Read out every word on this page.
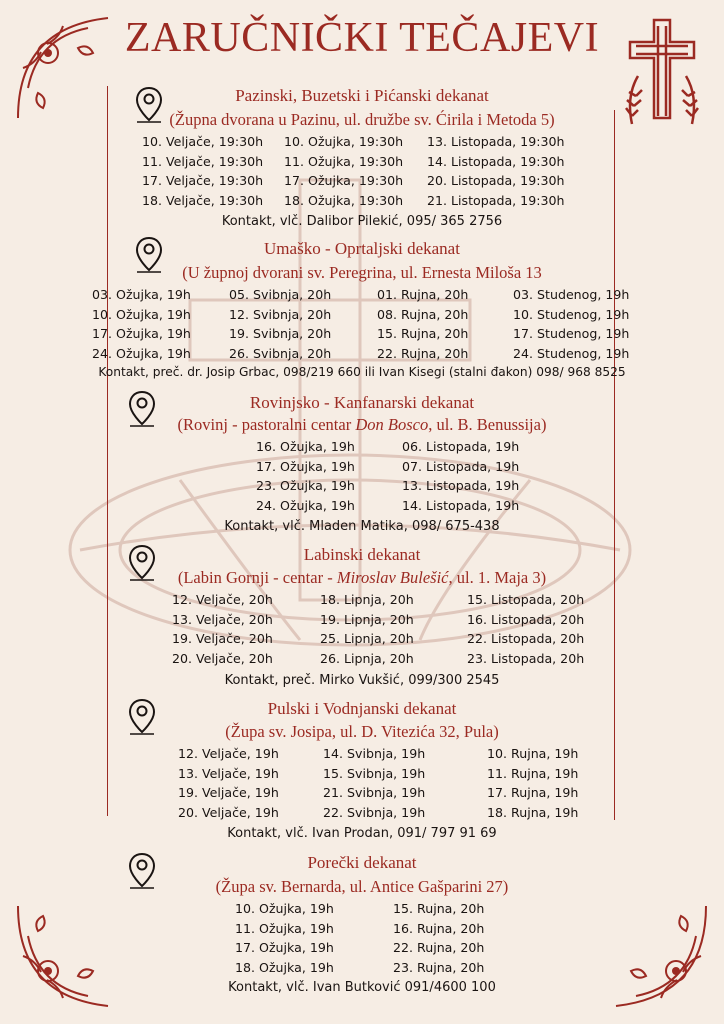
ZARUČNIČKI TEČAJEVI
Pazinski, Buzetski i Pićanski dekanat
(Župna dvorana u Pazinu, ul. družbe sv. Ćirila i Metoda 5)
10. Veljače, 19:30h
11. Veljače, 19:30h
17. Veljače, 19:30h
18. Veljače, 19:30h
10. Ožujka, 19:30h
11. Ožujka, 19:30h
17. Ožujka, 19:30h
18. Ožujka, 19:30h
13. Listopada, 19:30h
14. Listopada, 19:30h
20. Listopada, 19:30h
21. Listopada, 19:30h
Kontakt, vlč. Dalibor Pilekić, 095/ 365 2756
Umaško - Oprtaljski dekanat
(U župnoj dvorani sv. Peregrina, ul. Ernesta Miloša 13
03. Ožujka, 19h
10. Ožujka, 19h
17. Ožujka, 19h
24. Ožujka, 19h
05. Svibnja, 20h
12. Svibnja, 20h
19. Svibnja, 20h
26. Svibnja, 20h
01. Rujna, 20h
08. Rujna, 20h
15. Rujna, 20h
22. Rujna, 20h
03. Studenog, 19h
10. Studenog, 19h
17. Studenog, 19h
24. Studenog, 19h
Kontakt, preč. dr. Josip Grbac, 098/219 660 ili Ivan Kisegi (stalni đakon) 098/ 968 8525
Rovinjsko - Kanfanarski dekanat
(Rovinj - pastoralni centar Don Bosco, ul. B. Benussija)
16. Ožujka, 19h
17. Ožujka, 19h
23. Ožujka, 19h
24. Ožujka, 19h
06. Listopada, 19h
07. Listopada, 19h
13. Listopada, 19h
14. Listopada, 19h
Kontakt, vlč. Mladen Matika, 098/ 675-438
Labinski dekanat
(Labin Gornji - centar - Miroslav Bulešić, ul. 1. Maja 3)
12. Veljače, 20h
13. Veljače, 20h
19. Veljače, 20h
20. Veljače, 20h
18. Lipnja, 20h
19. Lipnja, 20h
25. Lipnja, 20h
26. Lipnja, 20h
15. Listopada, 20h
16. Listopada, 20h
22. Listopada, 20h
23. Listopada, 20h
Kontakt, preč. Mirko Vukšić, 099/300 2545
Pulski i Vodnjanski dekanat
(Župa sv. Josipa, ul. D. Vitezića 32, Pula)
12. Veljače, 19h
13. Veljače, 19h
19. Veljače, 19h
20. Veljače, 19h
14. Svibnja, 19h
15. Svibnja, 19h
21. Svibnja, 19h
22. Svibnja, 19h
10. Rujna, 19h
11. Rujna, 19h
17. Rujna, 19h
18. Rujna, 19h
Kontakt, vlč. Ivan Prodan, 091/ 797 91 69
Porečki dekanat
(Župa sv. Bernarda, ul. Antice Gašparini 27)
10. Ožujka, 19h
11. Ožujka, 19h
17. Ožujka, 19h
18. Ožujka, 19h
15. Rujna, 20h
16. Rujna, 20h
22. Rujna, 20h
23. Rujna, 20h
Kontakt, vlč. Ivan Butković 091/4600 100
